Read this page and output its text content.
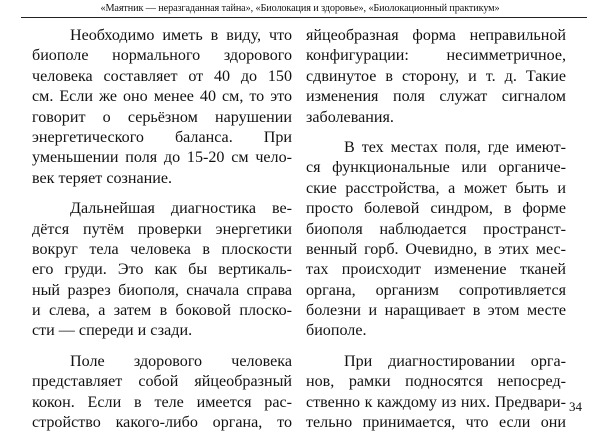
«Маятник — неразгаданная тайна», «Биолокация и здоровье», «Биолокационный практикум»

Необходимо иметь в виду, что
биополе нормального здорового
человека составляет от 40 до 150
см. Если же оно менее 40 см, то это
говорит о серьёзном нарушении
энергетического баланса. При
уменьшении поля до 15-20 см чело-
век теряет сознание.

Дальнейшая диагностика ве-
дётся путём проверки энергетики
вокруг тела человека в плоскости
его груди. Это как бы вертикаль-
ный разрез биополя, сначала справа
и слева, а затем в боковой плоско-
сти — спереди и сзади.

Поле здорового человека
представляет собой яйцеобразный
кокон. Если в теле имеется рас-
стройство какого-либо органа, то

яйцеобразная форма неправильной
конфигурации: несимметричное,
сдвинутое в сторону, и т. д. Такие
изменения поля служат сигналом
заболевания.

В тех местах поля, где имеют-
ся функциональные или органиче-
ские расстройства, а может быть и
просто болевой синдром, в форме
биополя наблюдается пространст-
венный горб. Очевидно, в этих мес-
тах происходит изменение тканей
органа, организм сопротивляется
болезни и наращивает в этом месте
биополе.

При диагностировании орга-
нов, рамки подносятся непосред-
ственно к каждому из них. Предвари-
тельно принимается, что если они

34
